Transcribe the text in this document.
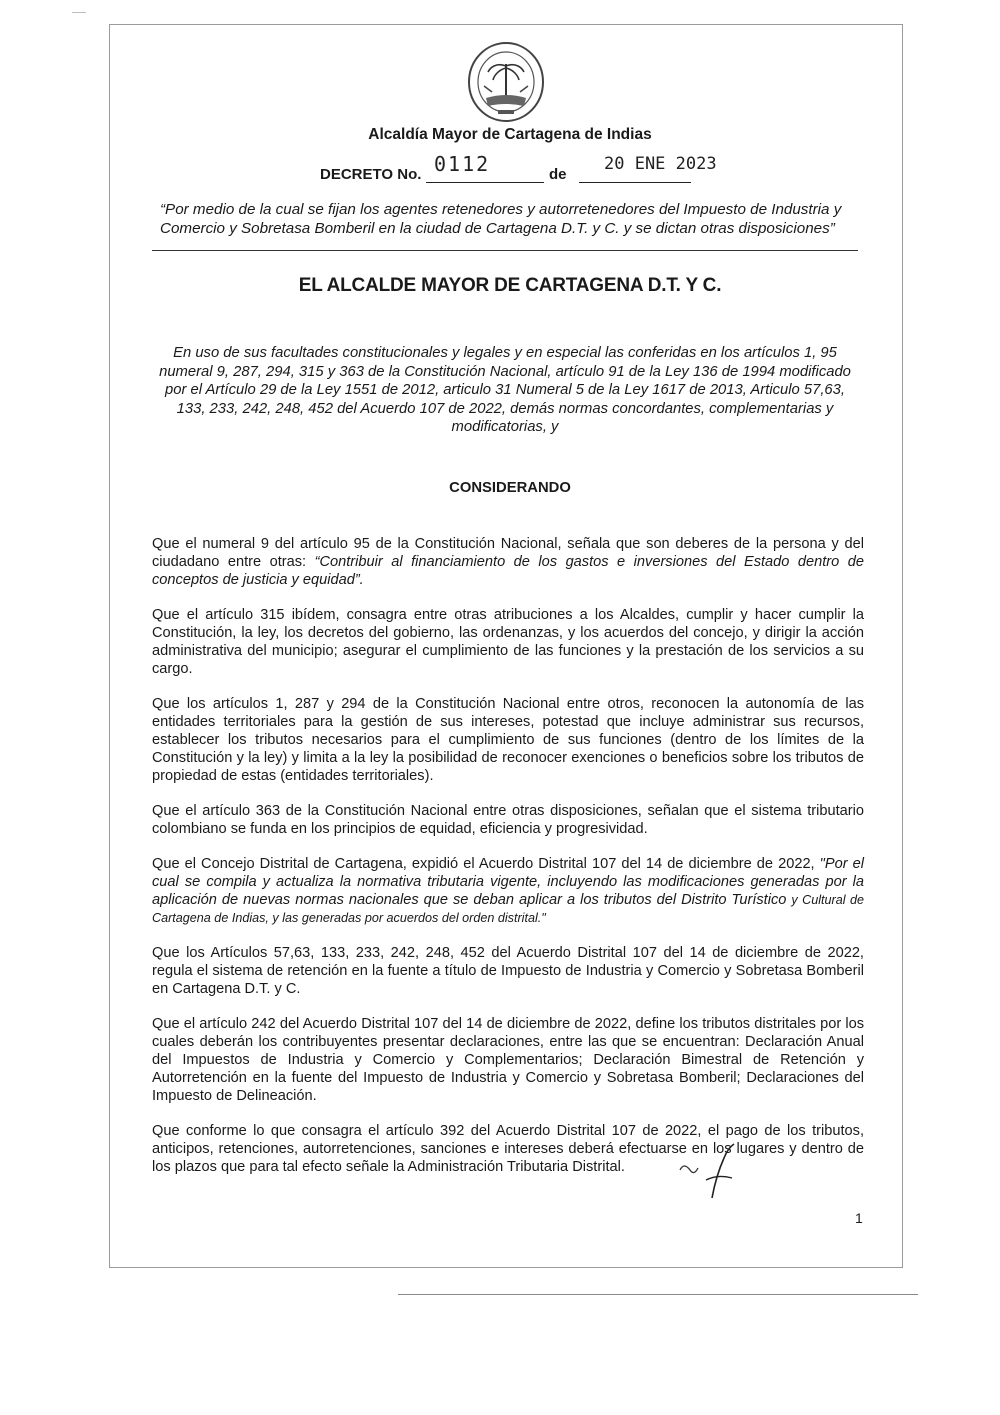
Alcaldía Mayor de Cartagena de Indias
DECRETO No. 0112	de
20 ENE 2023
“Por medio de la cual se fijan los agentes retenedores y autorretenedores del Impuesto de Industria y Comercio y Sobretasa Bomberil en la ciudad de Cartagena D.T. y C. y se dictan otras disposiciones”
EL ALCALDE MAYOR DE CARTAGENA D.T. Y C.
En uso de sus facultades constitucionales y legales y en especial las conferidas en los artículos 1, 95 numeral 9, 287, 294, 315 y 363 de la Constitución Nacional, artículo 91 de la Ley 136 de 1994 modificado por el Artículo 29 de la Ley 1551 de 2012, articulo 31 Numeral 5 de la Ley 1617 de 2013, Articulo 57,63, 133, 233, 242, 248, 452 del Acuerdo 107 de 2022, demás normas concordantes, complementarias y modificatorias, y
CONSIDERANDO

Que el numeral 9 del artículo 95 de la Constitución Nacional, señala que son deberes de la persona y del ciudadano entre otras: “Contribuir al financiamiento de los gastos e inversiones del Estado dentro de conceptos de justicia y equidad”.

Que el artículo 315 ibídem, consagra entre otras atribuciones a los Alcaldes, cumplir y hacer cumplir la Constitución, la ley, los decretos del gobierno, las ordenanzas, y los acuerdos del concejo, y dirigir la acción administrativa del municipio; asegurar el cumplimiento de las funciones y la prestación de los servicios a su cargo.

Que los artículos 1, 287 y 294 de la Constitución Nacional entre otros, reconocen la autonomía de las entidades territoriales para la gestión de sus intereses, potestad que incluye administrar sus recursos, establecer los tributos necesarios para el cumplimiento de sus funciones (dentro de los límites de la Constitución y la ley) y limita a la ley la posibilidad de reconocer exenciones o beneficios sobre los tributos de propiedad de estas (entidades territoriales).

Que el artículo 363 de la Constitución Nacional entre otras disposiciones, señalan que el sistema tributario colombiano se funda en los principios de equidad, eficiencia y progresividad.

Que el Concejo Distrital de Cartagena, expidió el Acuerdo Distrital 107 del 14 de diciembre de 2022, "Por el cual se compila y actualiza la normativa tributaria vigente, incluyendo las modificaciones generadas por la aplicación de nuevas normas nacionales que se deban aplicar a los tributos del Distrito Turístico y Cultural de Cartagena de Indias, y las generadas por acuerdos del orden distrital."

Que los Artículos 57,63, 133, 233, 242, 248, 452 del Acuerdo Distrital 107 del 14 de diciembre de 2022, regula el sistema de retención en la fuente a título de Impuesto de Industria y Comercio y Sobretasa Bomberil en Cartagena D.T. y C.

Que el artículo 242 del Acuerdo Distrital 107 del 14 de diciembre de 2022, define los tributos distritales por los cuales deberán los contribuyentes presentar declaraciones, entre las que se encuentran: Declaración Anual del Impuestos de Industria y Comercio y Complementarios; Declaración Bimestral de Retención y Autorretención en la fuente del Impuesto de Industria y Comercio y Sobretasa Bomberil; Declaraciones del Impuesto de Delineación.

Que conforme lo que consagra el artículo 392 del Acuerdo Distrital 107 de 2022, el pago de los tributos, anticipos, retenciones, autorretenciones, sanciones e intereses deberá efectuarse en los lugares y dentro de los plazos que para tal efecto señale la Administración Tributaria Distrital.

1
